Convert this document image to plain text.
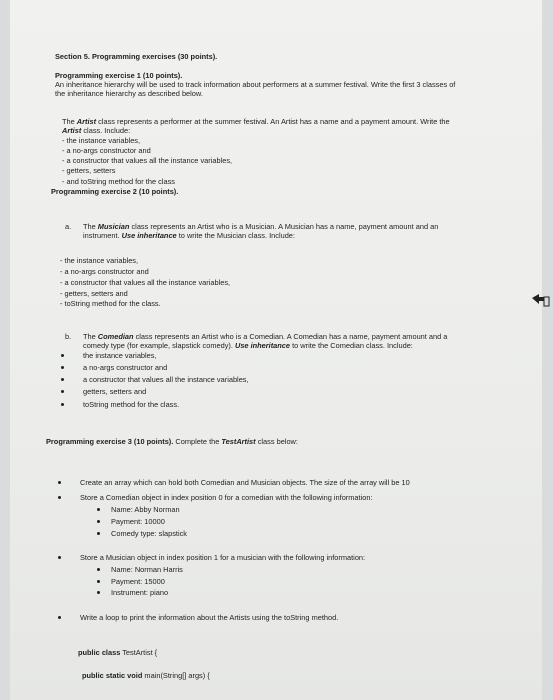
Section 5. Programming exercises (30 points).
Programming exercise 1 (10 points).
An inheritance hierarchy will be used to track information about performers at a summer festival. Write the first 3 classes of
the inheritance hierarchy as described below.
The Artist class represents a performer at the summer festival. An Artist has a name and a payment amount. Write the
Artist class. Include:
- the instance variables,
- a no-args constructor and
- a constructor that values all the instance variables,
- getters, setters
- and toString method for the class
Programming exercise 2 (10 points).
a. The Musician class represents an Artist who is a Musician. A Musician has a name, payment amount and an
instrument. Use inheritance to write the Musician class. Include:
- the instance variables,
- a no-args constructor and
- a constructor that values all the instance variables,
- getters, setters and
- toString method for the class.
b. The Comedian class represents an Artist who is a Comedian. A Comedian has a name, payment amount and a
comedy type (for example, slapstick comedy). Use inheritance to write the Comedian class. Include:
the instance variables,
a no-args constructor and
a constructor that values all the instance variables,
getters, setters and
toString method for the class.
Programming exercise 3 (10 points). Complete the TestArtist class below:
Create an array which can hold both Comedian and Musician objects. The size of the array will be 10
Store a Comedian object in index position 0 for a comedian with the following information:
Name: Abby Norman
Payment: 10000
Comedy type: slapstick
Store a Musician object in index position 1 for a musician with the following information:
Name: Norman Harris
Payment: 15000
Instrument: piano
Write a loop to print the information about the Artists using the toString method.
public class TestArtist {
public static void main(String[] args) {
